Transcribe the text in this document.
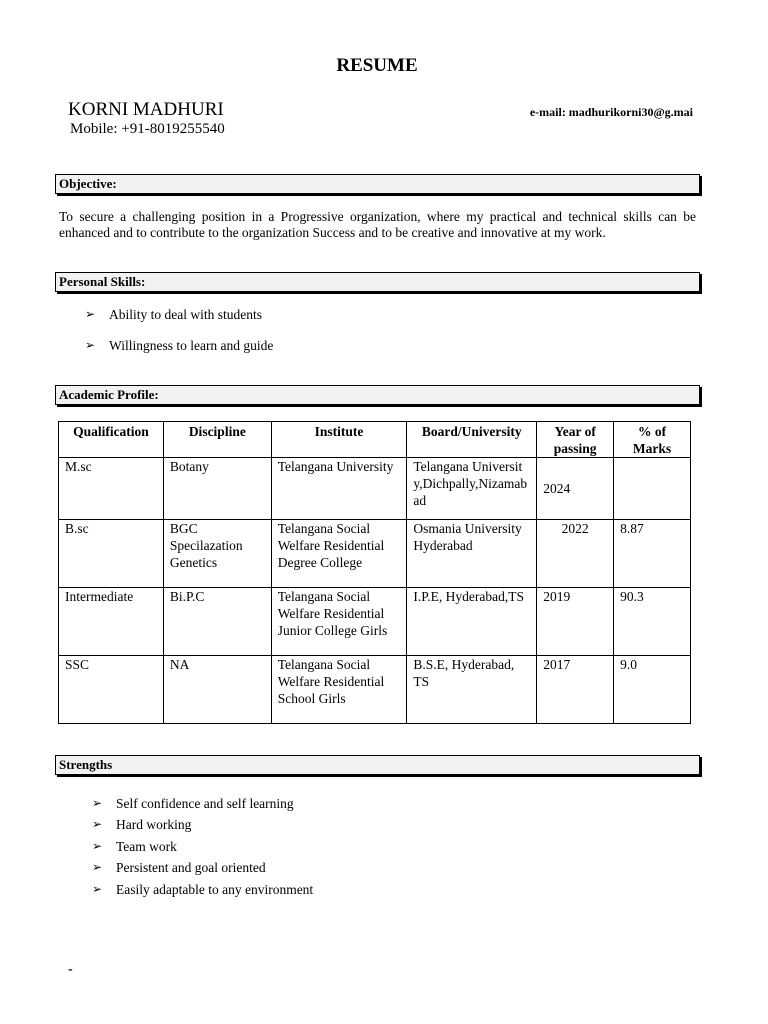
RESUME
KORNI MADHURI
Mobile: +91-8019255540
e-mail: madhurikorni30@g.mai
Objective:
To secure a challenging position in a Progressive organization, where my practical and technical skills can be enhanced and to contribute to the organization Success and to be creative and innovative at my work.
Personal Skills:
➢ Ability to deal with students
➢ Willingness to learn and guide
Academic Profile:
Qualification	Discipline	Institute	Board/University	Year of passing	% of Marks
M.sc	Botany	Telangana University	Telangana University,Dichpally,Nizamabad	2024	
B.sc	BGC Specilazation Genetics	Telangana Social Welfare Residential Degree College	Osmania University Hyderabad	2022	8.87
Intermediate	Bi.P.C	Telangana Social Welfare Residential Junior College Girls	I.P.E, Hyderabad,TS	2019	90.3
SSC	NA	Telangana Social Welfare Residential School Girls	B.S.E, Hyderabad, TS	2017	9.0
Strengths
➢ Self confidence and self learning
➢ Hard working
➢ Team work
➢ Persistent and goal oriented
➢ Easily adaptable to any environment
-
